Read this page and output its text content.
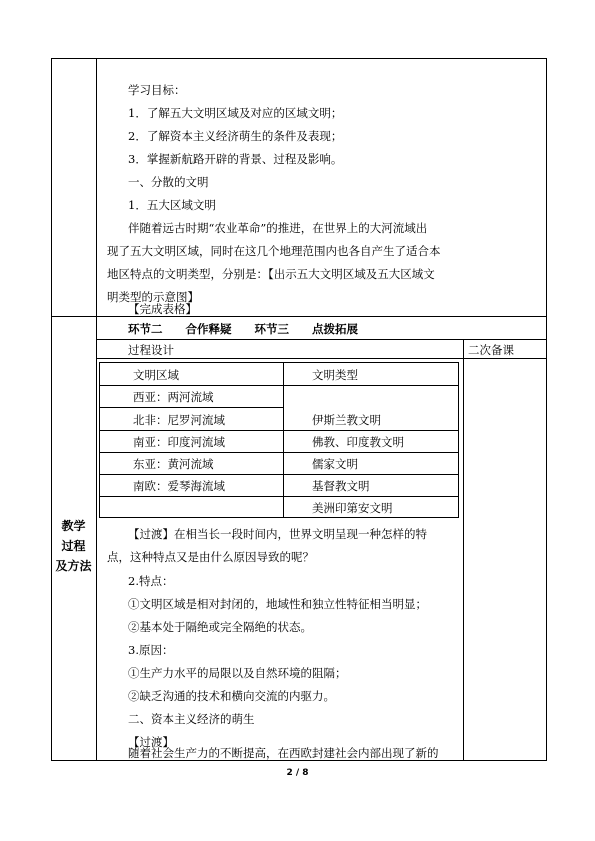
学习目标：
1．了解五大文明区域及对应的区域文明；
2．了解资本主义经济萌生的条件及表现；
3．掌握新航路开辟的背景、过程及影响。
一、分散的文明
1．五大区域文明
伴随着远古时期“农业革命”的推进，在世界上的大河流域出
现了五大文明区域，同时在这几个地理范围内也各自产生了适合本
地区特点的文明类型，分别是：【出示五大文明区域及五大区域文
明类型的示意图】
【完成表格】
教学
过程
及方法
环节二　　合作释疑　　环节三　　点拨拓展
过程设计	二次备课
文明区域	文明类型
西亚：两河流域
北非：尼罗河流域
南亚：印度河流域
东亚：黄河流域
南欧：爱琴海流域
伊斯兰教文明
佛教、印度教文明
儒家文明
基督教文明
美洲印第安文明
【过渡】在相当长一段时间内，世界文明呈现一种怎样的特
点，这种特点又是由什么原因导致的呢？
2.特点：
①文明区域是相对封闭的，地域性和独立性特征相当明显；
②基本处于隔绝或完全隔绝的状态。
3.原因：
①生产力水平的局限以及自然环境的阻隔；
②缺乏沟通的技术和横向交流的内驱力。
二、资本主义经济的萌生
【过渡】
随着社会生产力的不断提高，在西欧封建社会内部出现了新的
2 / 8
